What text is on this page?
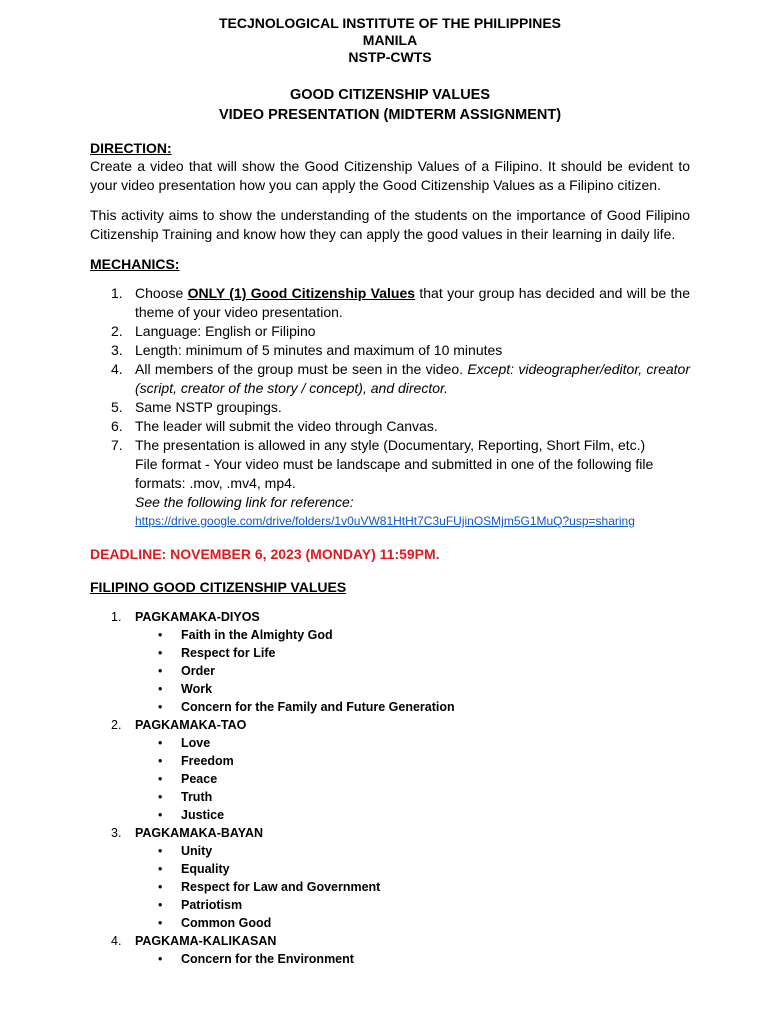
TECJNOLOGICAL INSTITUTE OF THE PHILIPPINES
MANILA
NSTP-CWTS
GOOD CITIZENSHIP VALUES
VIDEO PRESENTATION (MIDTERM ASSIGNMENT)
DIRECTION:
Create a video that will show the Good Citizenship Values of a Filipino. It should be evident to your video presentation how you can apply the Good Citizenship Values as a Filipino citizen.
This activity aims to show the understanding of the students on the importance of Good Filipino Citizenship Training and know how they can apply the good values in their learning in daily life.
MECHANICS:
1. Choose ONLY (1) Good Citizenship Values that your group has decided and will be the theme of your video presentation.
2. Language: English or Filipino
3. Length: minimum of 5 minutes and maximum of 10 minutes
4. All members of the group must be seen in the video. Except: videographer/editor, creator (script, creator of the story / concept), and director.
5. Same NSTP groupings.
6. The leader will submit the video through Canvas.
7. The presentation is allowed in any style (Documentary, Reporting, Short Film, etc.)
File format - Your video must be landscape and submitted in one of the following file formats: .mov, .mv4, mp4.
See the following link for reference:
https://drive.google.com/drive/folders/1v0uVW81HtHt7C3uFUjinOSMjm5G1MuQ?usp=sharing
DEADLINE: NOVEMBER 6, 2023 (MONDAY) 11:59PM.
FILIPINO GOOD CITIZENSHIP VALUES
1. PAGKAMAKA-DIYOS
• Faith in the Almighty God
• Respect for Life
• Order
• Work
• Concern for the Family and Future Generation
2. PAGKAMAKA-TAO
• Love
• Freedom
• Peace
• Truth
• Justice
3. PAGKAMAKA-BAYAN
• Unity
• Equality
• Respect for Law and Government
• Patriotism
• Common Good
4. PAGKAMA-KALIKASAN
• Concern for the Environment
